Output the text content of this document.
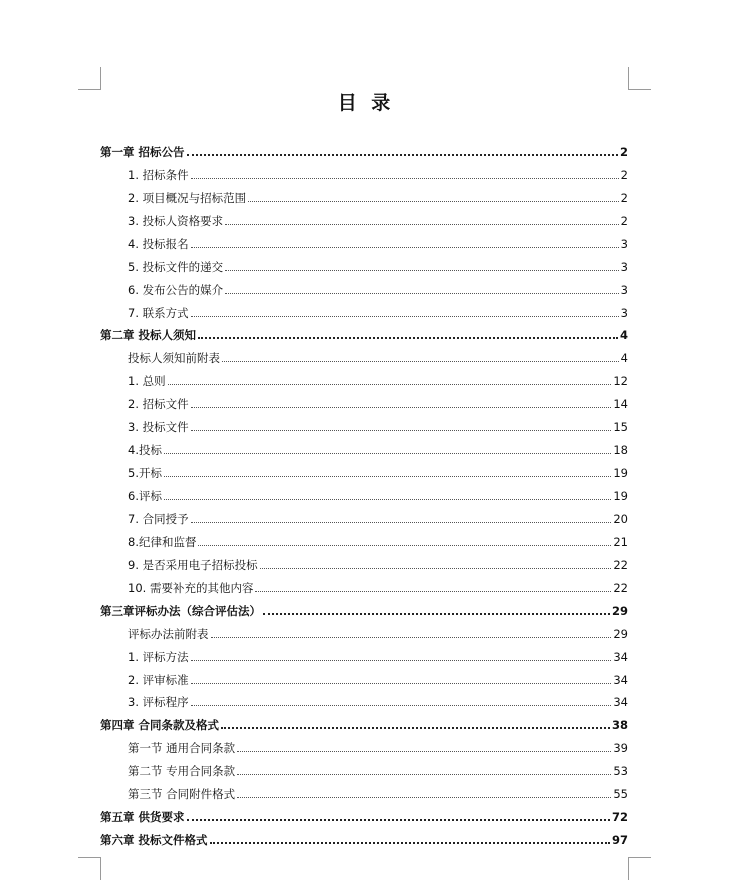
目 录
第一章 招标公告	2
1. 招标条件	2
2. 项目概况与招标范围	2
3. 投标人资格要求	2
4. 投标报名	3
5. 投标文件的递交	3
6. 发布公告的媒介	3
7. 联系方式	3
第二章 投标人须知	4
投标人须知前附表	4
1. 总则	12
2. 招标文件	14
3. 投标文件	15
4.投标	18
5.开标	19
6.评标	19
7. 合同授予	20
8.纪律和监督	21
9. 是否采用电子招标投标	22
10. 需要补充的其他内容	22
第三章评标办法（综合评估法）	29
评标办法前附表	29
1. 评标方法	34
2. 评审标准	34
3. 评标程序	34
第四章 合同条款及格式	38
第一节 通用合同条款	39
第二节 专用合同条款	53
第三节 合同附件格式	55
第五章 供货要求	72
第六章 投标文件格式	97
